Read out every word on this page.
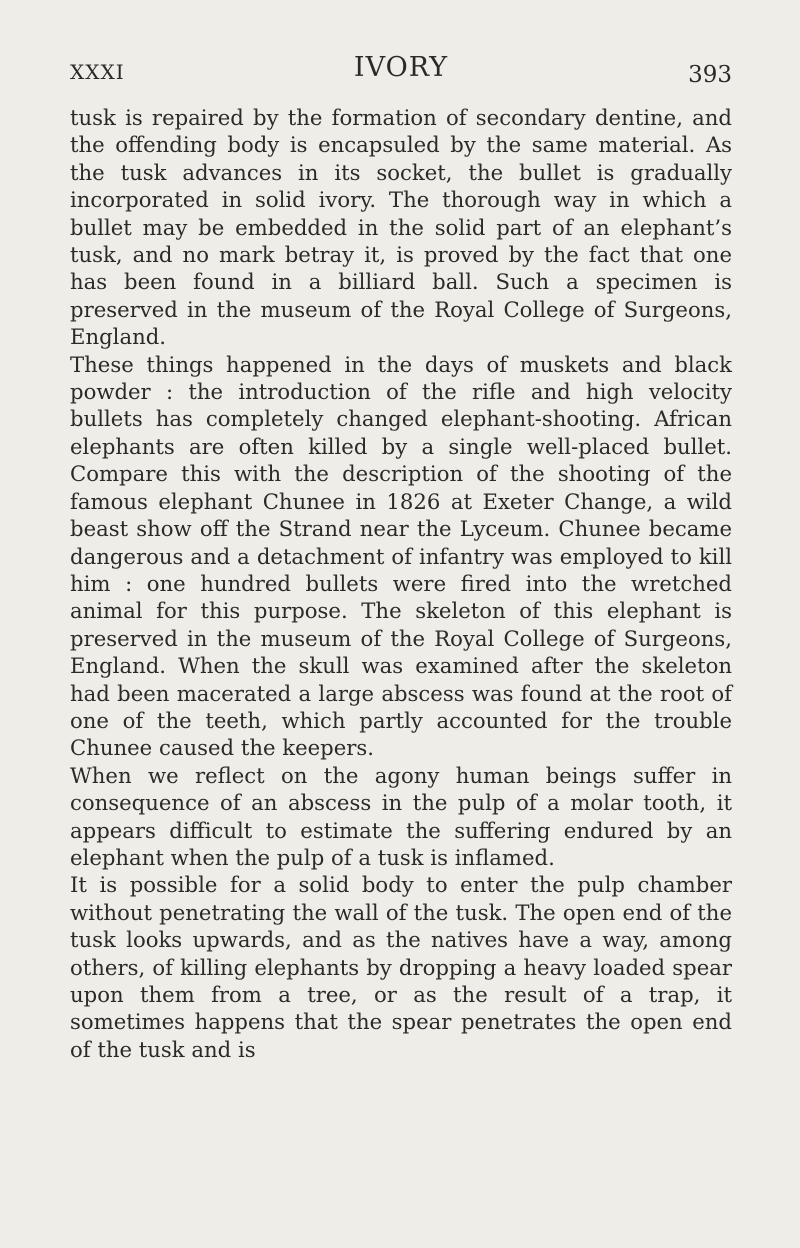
XXXI	IVORY	393

tusk is repaired by the formation of secondary dentine, and the offending body is encapsuled by the same material. As the tusk advances in its socket, the bullet is gradually incorporated in solid ivory. The thorough way in which a bullet may be embedded in the solid part of an elephant’s tusk, and no mark betray it, is proved by the fact that one has been found in a billiard ball. Such a specimen is preserved in the museum of the Royal College of Surgeons, England.

These things happened in the days of muskets and black powder : the introduction of the rifle and high velocity bullets has completely changed elephant-shooting. African elephants are often killed by a single well-placed bullet. Compare this with the description of the shooting of the famous elephant Chunee in 1826 at Exeter Change, a wild beast show off the Strand near the Lyceum. Chunee became dangerous and a detachment of infantry was employed to kill him : one hundred bullets were fired into the wretched animal for this purpose. The skeleton of this elephant is preserved in the museum of the Royal College of Surgeons, England. When the skull was examined after the skeleton had been macerated a large abscess was found at the root of one of the teeth, which partly accounted for the trouble Chunee caused the keepers.

When we reflect on the agony human beings suffer in consequence of an abscess in the pulp of a molar tooth, it appears difficult to estimate the suffering endured by an elephant when the pulp of a tusk is inflamed.

It is possible for a solid body to enter the pulp chamber without penetrating the wall of the tusk. The open end of the tusk looks upwards, and as the natives have a way, among others, of killing elephants by dropping a heavy loaded spear upon them from a tree, or as the result of a trap, it sometimes happens that the spear penetrates the open end of the tusk and is
